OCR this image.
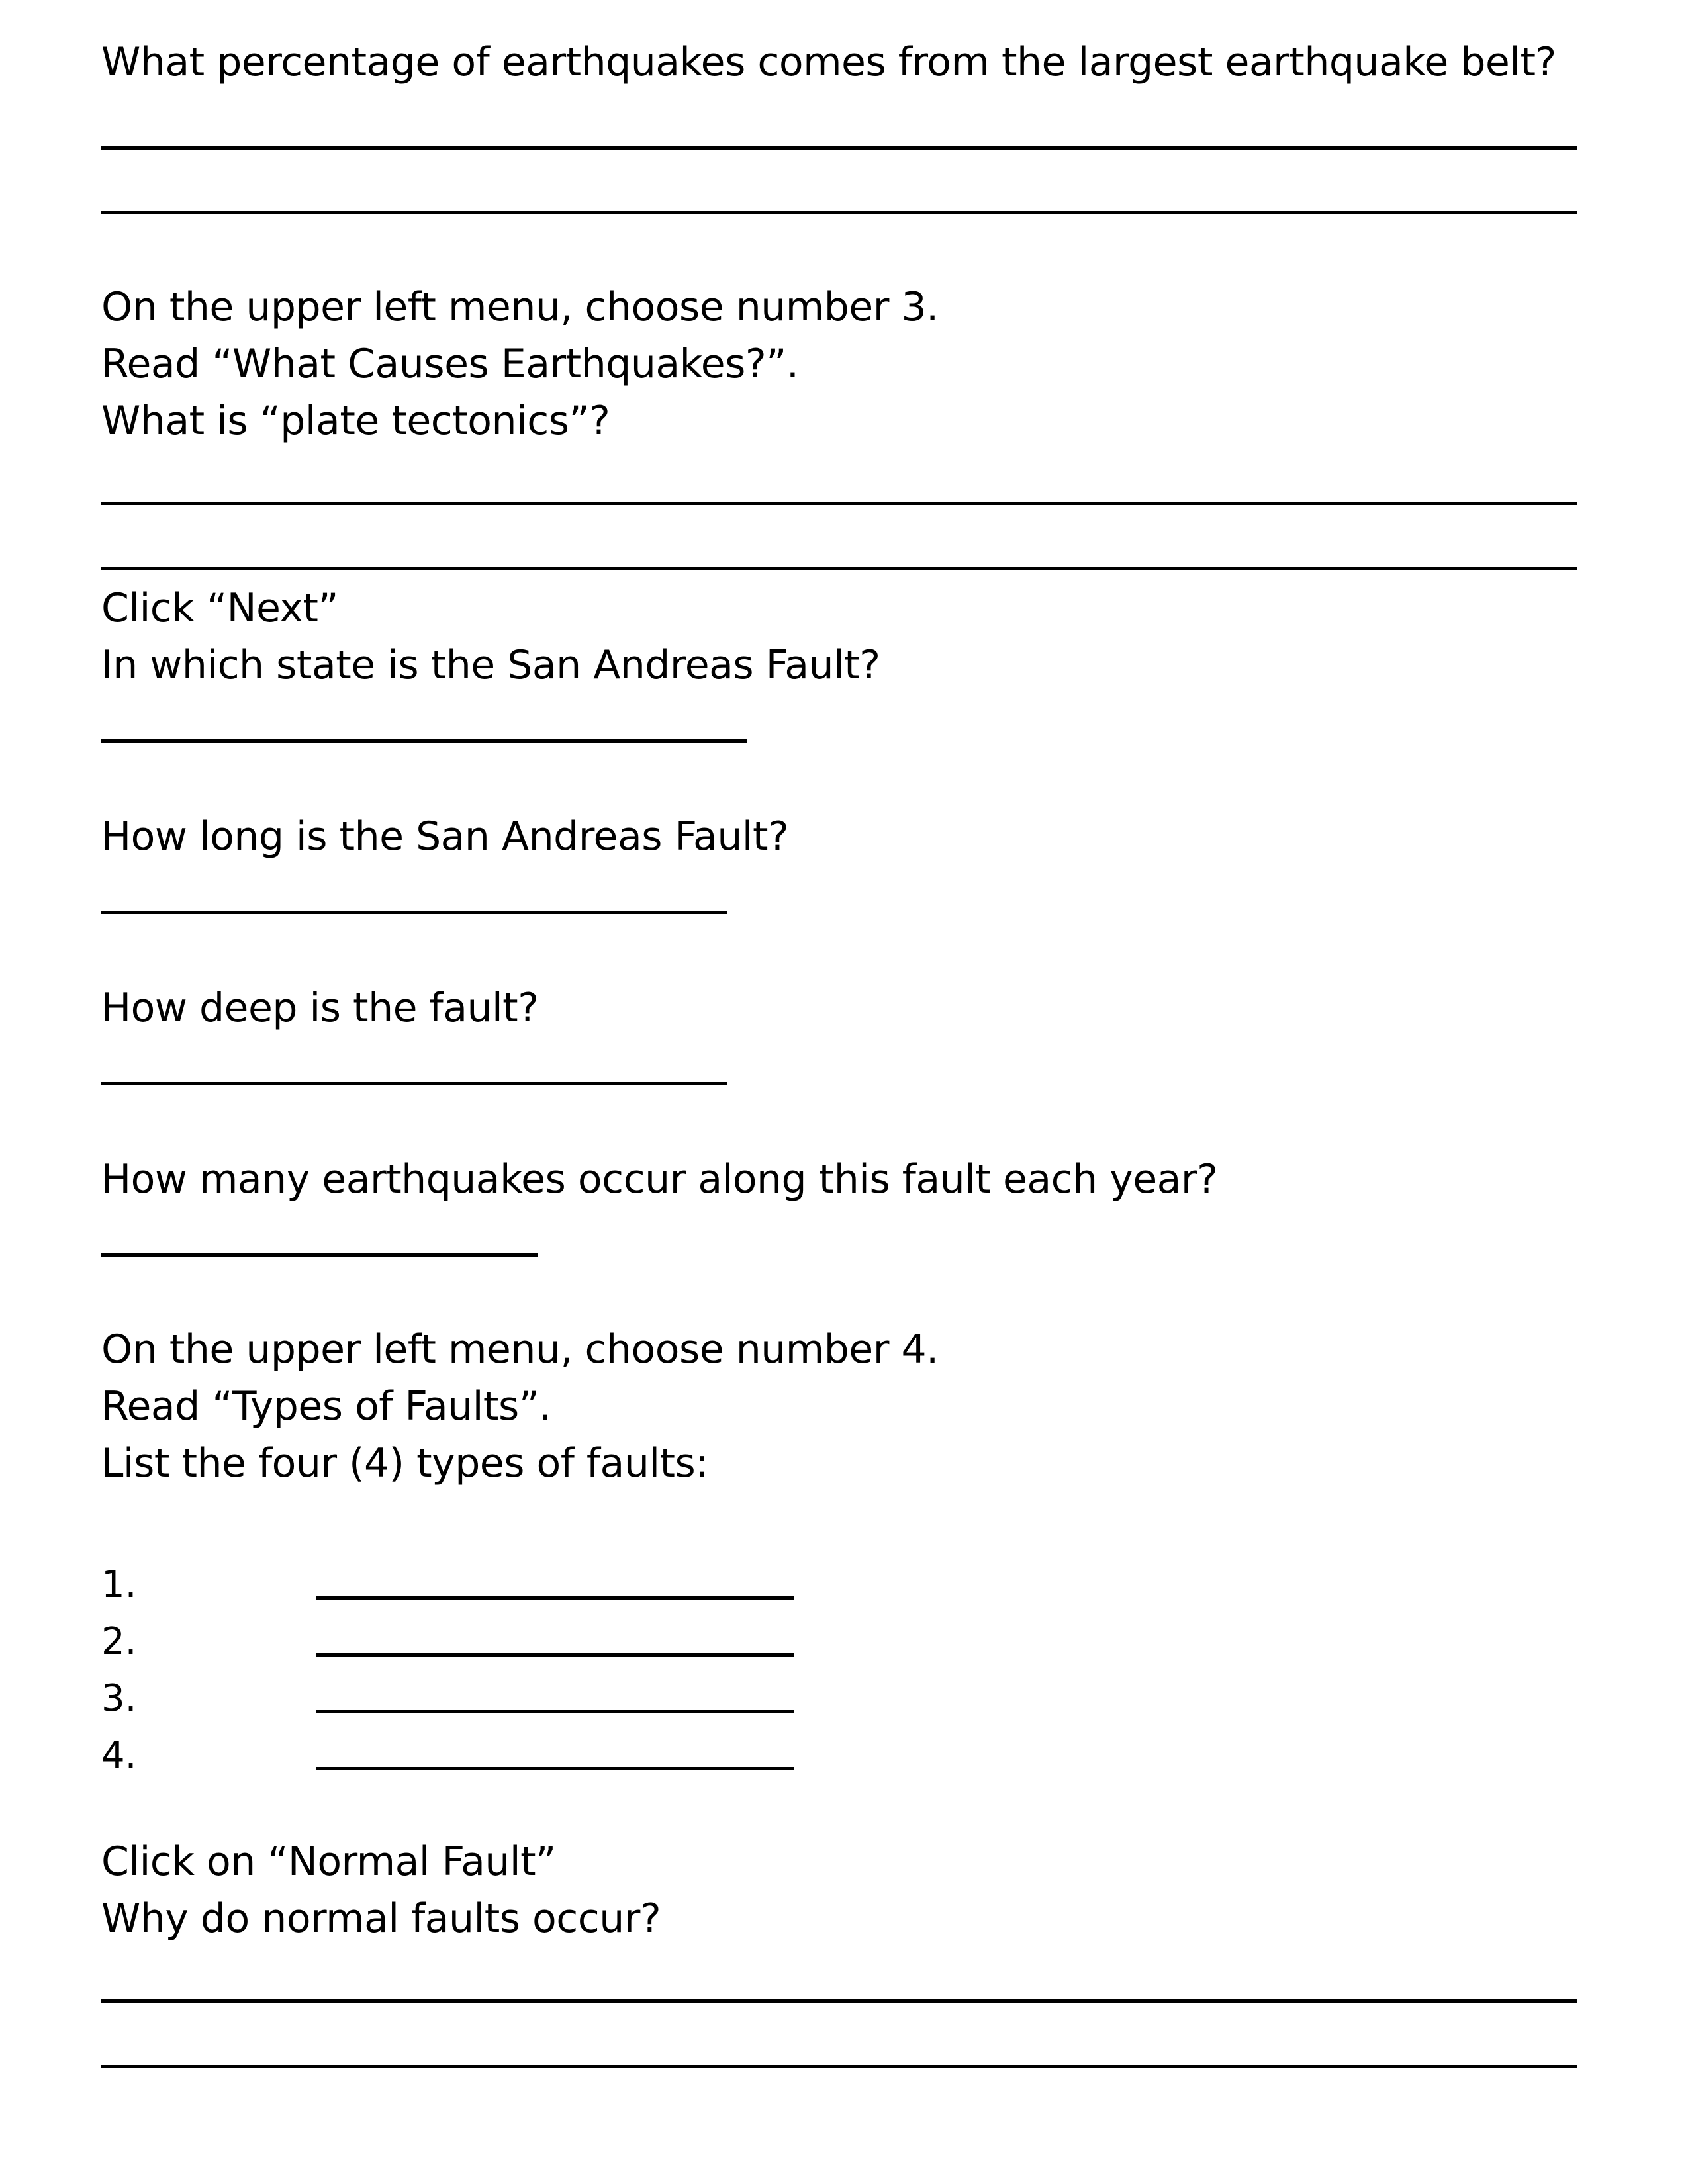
What percentage of earthquakes comes from the largest earthquake belt?
On the upper left menu, choose number 3.
Read “What Causes Earthquakes?”.
What is “plate tectonics”?
Click “Next”
In which state is the San Andreas Fault?
How long is the San Andreas Fault?
How deep is the fault?
How many earthquakes occur along this fault each year?
On the upper left menu, choose number 4.
Read “Types of Faults”.
List the four (4) types of faults:
1.
2.
3.
4.
Click on “Normal Fault”
Why do normal faults occur?
